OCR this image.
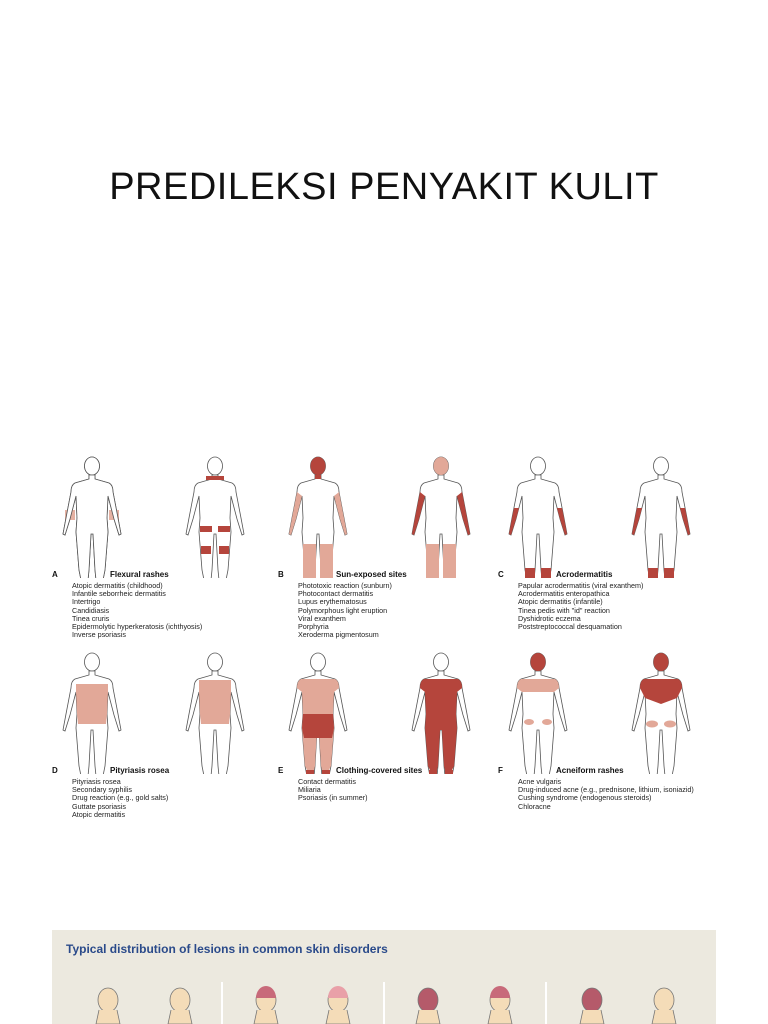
PREDILEKSI PENYAKIT KULIT
A	Flexural rashes
Atopic dermatitis (childhood)
Infantile seborrheic dermatitis
Intertrigo
Candidiasis
Tinea cruris
Epidermolytic hyperkeratosis (ichthyosis)
Inverse psoriasis
B	Sun-exposed sites
Phototoxic reaction (sunburn)
Photocontact dermatitis
Lupus erythematosus
Polymorphous light eruption
Viral exanthem
Porphyria
Xeroderma pigmentosum
C	Acrodermatitis
Papular acrodermatitis (viral exanthem)
Acrodermatitis enteropathica
Atopic dermatitis (infantile)
Tinea pedis with "id" reaction
Dyshidrotic eczema
Poststreptococcal desquamation
D	Pityriasis rosea
Pityriasis rosea
Secondary syphilis
Drug reaction (e.g., gold salts)
Guttate psoriasis
Atopic dermatitis
E	Clothing-covered sites
Contact dermatitis
Miliaria
Psoriasis (in summer)
F	Acneiform rashes
Acne vulgaris
Drug-induced acne (e.g., prednisone, lithium, isoniazid)
Cushing syndrome (endogenous steroids)
Chloracne
Typical distribution of lesions in common skin disorders
